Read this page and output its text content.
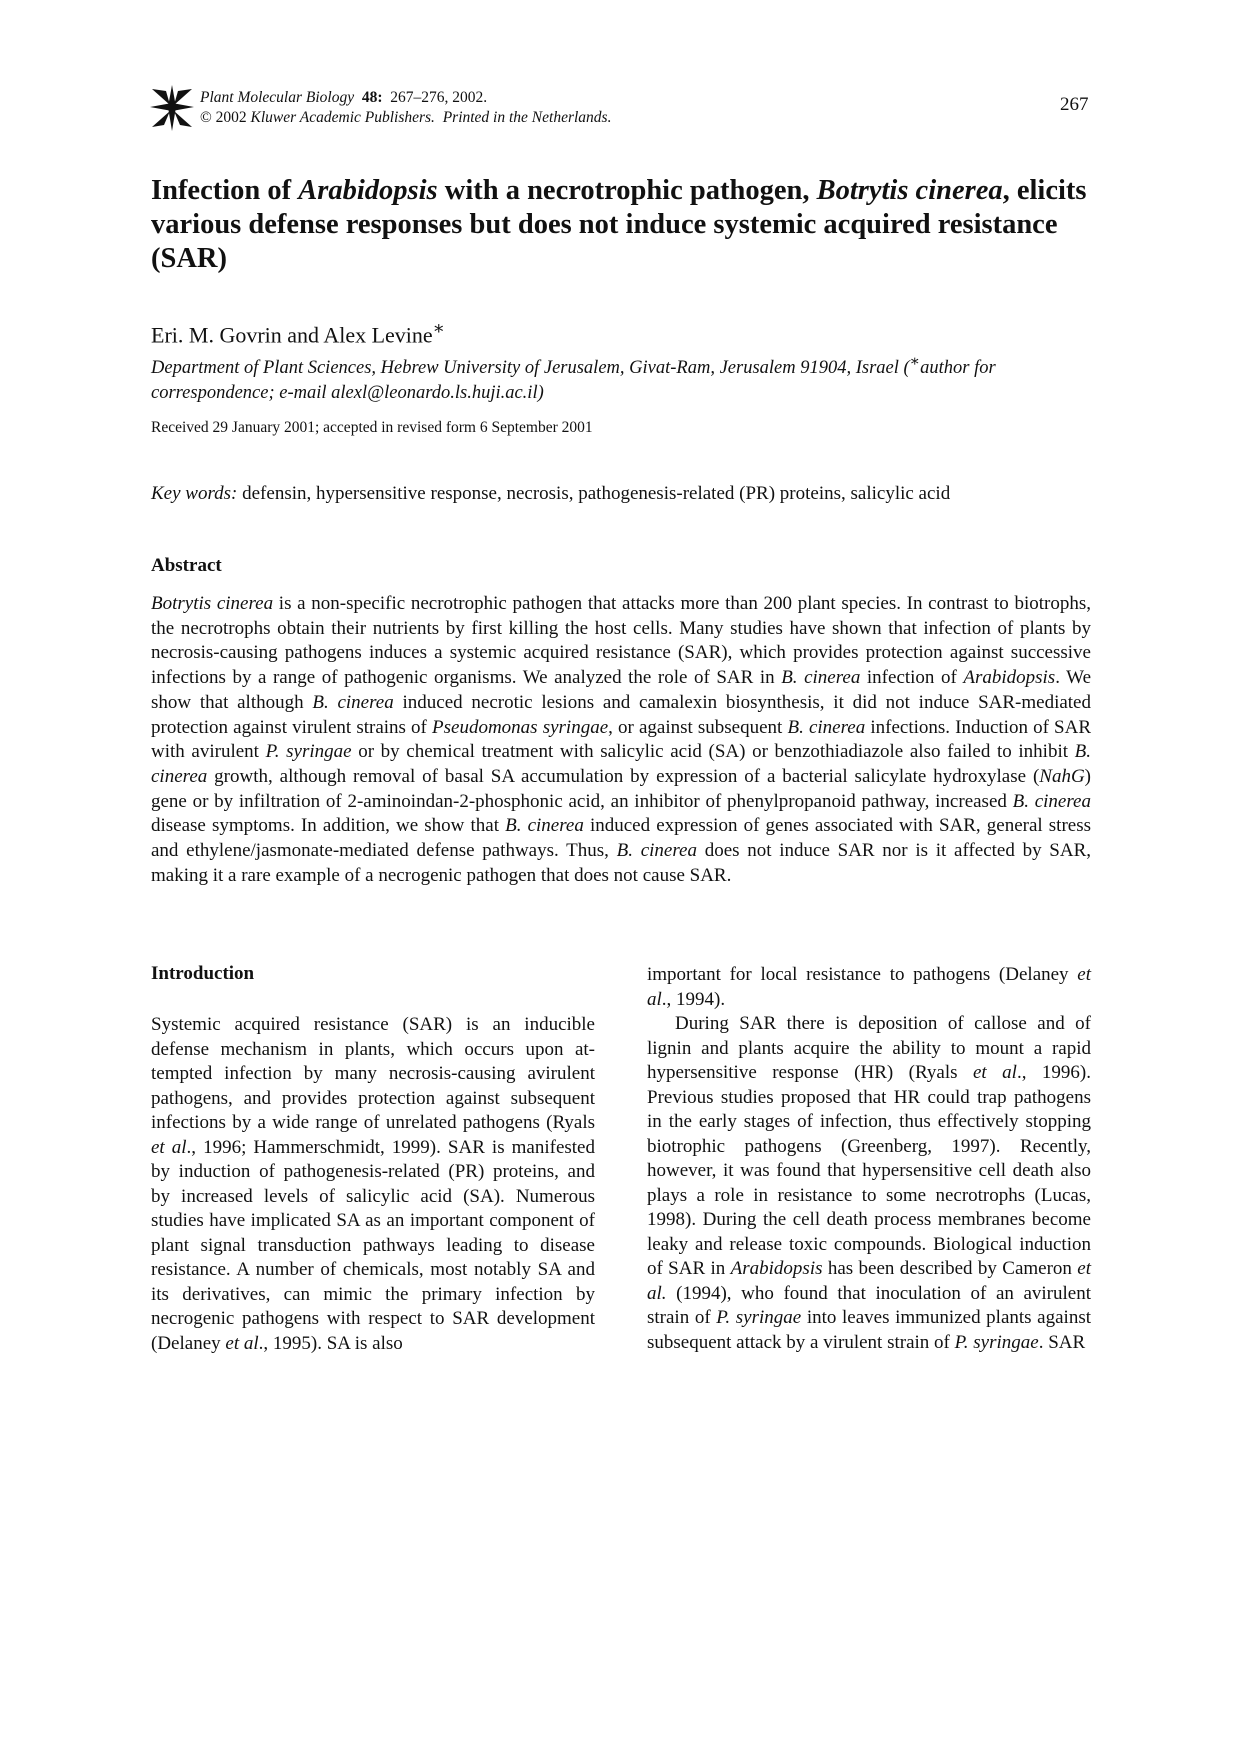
Plant Molecular Biology 48: 267–276, 2002.
© 2002 Kluwer Academic Publishers. Printed in the Netherlands.
267
Infection of Arabidopsis with a necrotrophic pathogen, Botrytis cinerea, elicits various defense responses but does not induce systemic acquired resistance (SAR)
Eri. M. Govrin and Alex Levine∗
Department of Plant Sciences, Hebrew University of Jerusalem, Givat-Ram, Jerusalem 91904, Israel (∗author for correspondence; e-mail alexl@leonardo.ls.huji.ac.il)
Received 29 January 2001; accepted in revised form 6 September 2001
Key words: defensin, hypersensitive response, necrosis, pathogenesis-related (PR) proteins, salicylic acid
Abstract

Botrytis cinerea is a non-specific necrotrophic pathogen that attacks more than 200 plant species. In contrast to biotrophs, the necrotrophs obtain their nutrients by first killing the host cells. Many studies have shown that infection of plants by necrosis-causing pathogens induces a systemic acquired resistance (SAR), which provides protection against successive infections by a range of pathogenic organisms. We analyzed the role of SAR in B. cinerea infection of Arabidopsis. We show that although B. cinerea induced necrotic lesions and camalexin biosynthesis, it did not induce SAR-mediated protection against virulent strains of Pseudomonas syringae, or against subsequent B. cinerea infections. Induction of SAR with avirulent P. syringae or by chemical treatment with salicylic acid (SA) or benzothiadiazole also failed to inhibit B. cinerea growth, although removal of basal SA accumulation by expression of a bacterial salicylate hydroxylase (NahG) gene or by infiltration of 2-aminoindan-2-phosphonic acid, an inhibitor of phenylpropanoid pathway, increased B. cinerea disease symptoms. In addition, we show that B. cinerea induced expression of genes associated with SAR, general stress and ethylene/jasmonate-mediated defense pathways. Thus, B. cinerea does not induce SAR nor is it affected by SAR, making it a rare example of a necrogenic pathogen that does not cause SAR.

Introduction

Systemic acquired resistance (SAR) is an inducible defense mechanism in plants, which occurs upon attempted infection by many necrosis-causing avirulent pathogens, and provides protection against subsequent infections by a wide range of unrelated pathogens (Ryals et al., 1996; Hammerschmidt, 1999). SAR is manifested by induction of pathogenesis-related (PR) proteins, and by increased levels of salicylic acid (SA). Numerous studies have implicated SA as an important component of plant signal transduction pathways leading to disease resistance. A number of chemicals, most notably SA and its derivatives, can mimic the primary infection by necrogenic pathogens with respect to SAR development (Delaney et al., 1995). SA is also

important for local resistance to pathogens (Delaney et al., 1994).

During SAR there is deposition of callose and of lignin and plants acquire the ability to mount a rapid hypersensitive response (HR) (Ryals et al., 1996). Previous studies proposed that HR could trap pathogens in the early stages of infection, thus effectively stopping biotrophic pathogens (Greenberg, 1997). Recently, however, it was found that hypersensitive cell death also plays a role in resistance to some necrotrophs (Lucas, 1998). During the cell death process membranes become leaky and release toxic compounds. Biological induction of SAR in Arabidopsis has been described by Cameron et al. (1994), who found that inoculation of an avirulent strain of P. syringae into leaves immunized plants against subsequent attack by a virulent strain of P. syringae. SAR
